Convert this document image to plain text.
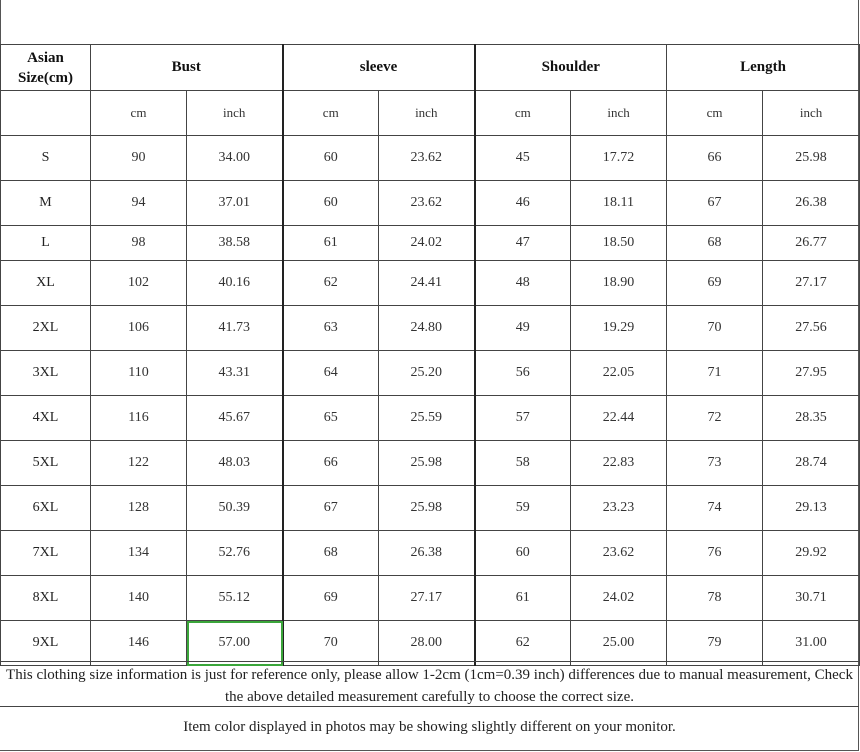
Asian
Size(cm)	Bust		sleeve		Shoulder		Length	
	cm	inch	cm	inch	cm	inch	cm	inch
S	90	34.00	60	23.62	45	17.72	66	25.98
M	94	37.01	60	23.62	46	18.11	67	26.38
L	98	38.58	61	24.02	47	18.50	68	26.77
XL	102	40.16	62	24.41	48	18.90	69	27.17
2XL	106	41.73	63	24.80	49	19.29	70	27.56
3XL	110	43.31	64	25.20	56	22.05	71	27.95
4XL	116	45.67	65	25.59	57	22.44	72	28.35
5XL	122	48.03	66	25.98	58	22.83	73	28.74
6XL	128	50.39	67	25.98	59	23.23	74	29.13
7XL	134	52.76	68	26.38	60	23.62	76	29.92
8XL	140	55.12	69	27.17	61	24.02	78	30.71
9XL	146	57.00	70	28.00	62	25.00	79	31.00
This clothing size information is just for reference only, please allow 1-2cm (1cm=0.39 inch) differences due to manual measurement, Check the above detailed measurement carefully to choose the correct size.
Item color displayed in photos may be showing slightly different on your monitor.
